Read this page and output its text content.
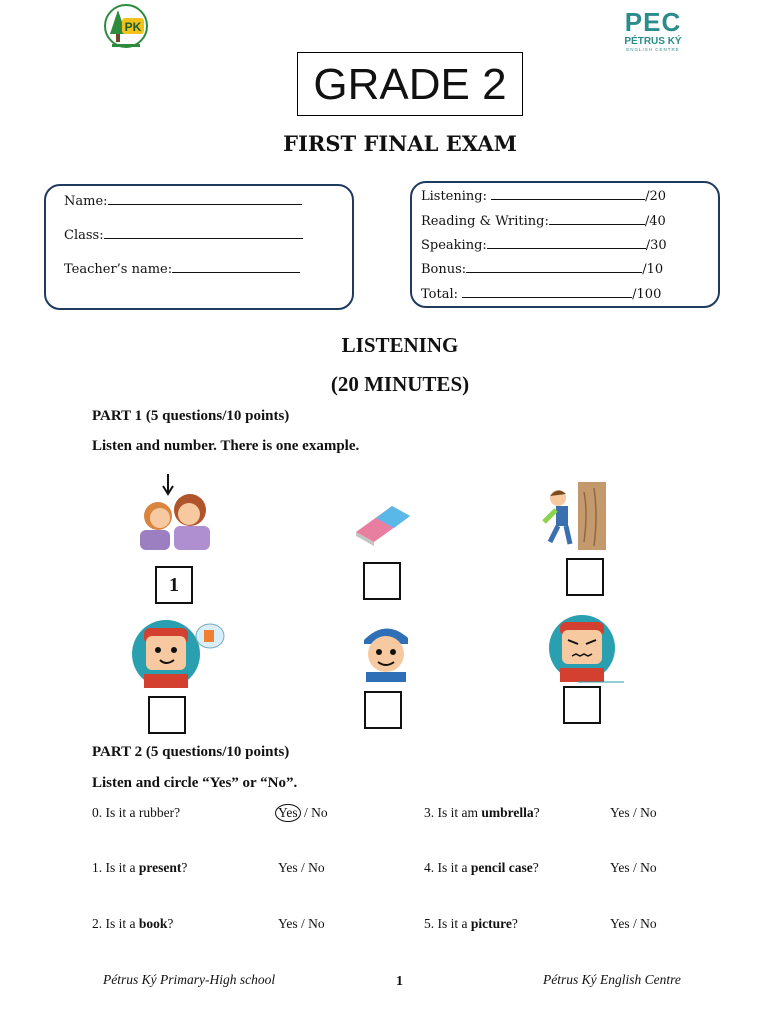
PK	PEC
PÉTRUS KÝ
ENGLISH CENTRE
GRADE 2
FIRST FINAL EXAM
Name:
Class:
Teacher’s name:
Listening:	/20
Reading & Writing:	/40
Speaking:	/30
Bonus:	/10
Total:	/100
LISTENING
(20 MINUTES)
PART 1 (5 questions/10 points)
Listen and number. There is one example.
1
PART 2 (5 questions/10 points)
Listen and circle “Yes” or “No”.
0. Is it a rubber?	Yes / No
1. Is it a present?	Yes / No
2. Is it a book?	Yes / No
3. Is it am umbrella?	Yes / No
4. Is it a pencil case?	Yes / No
5. Is it a picture?	Yes / No
Pétrus Ký Primary-High school	1	Pétrus Ký English Centre
